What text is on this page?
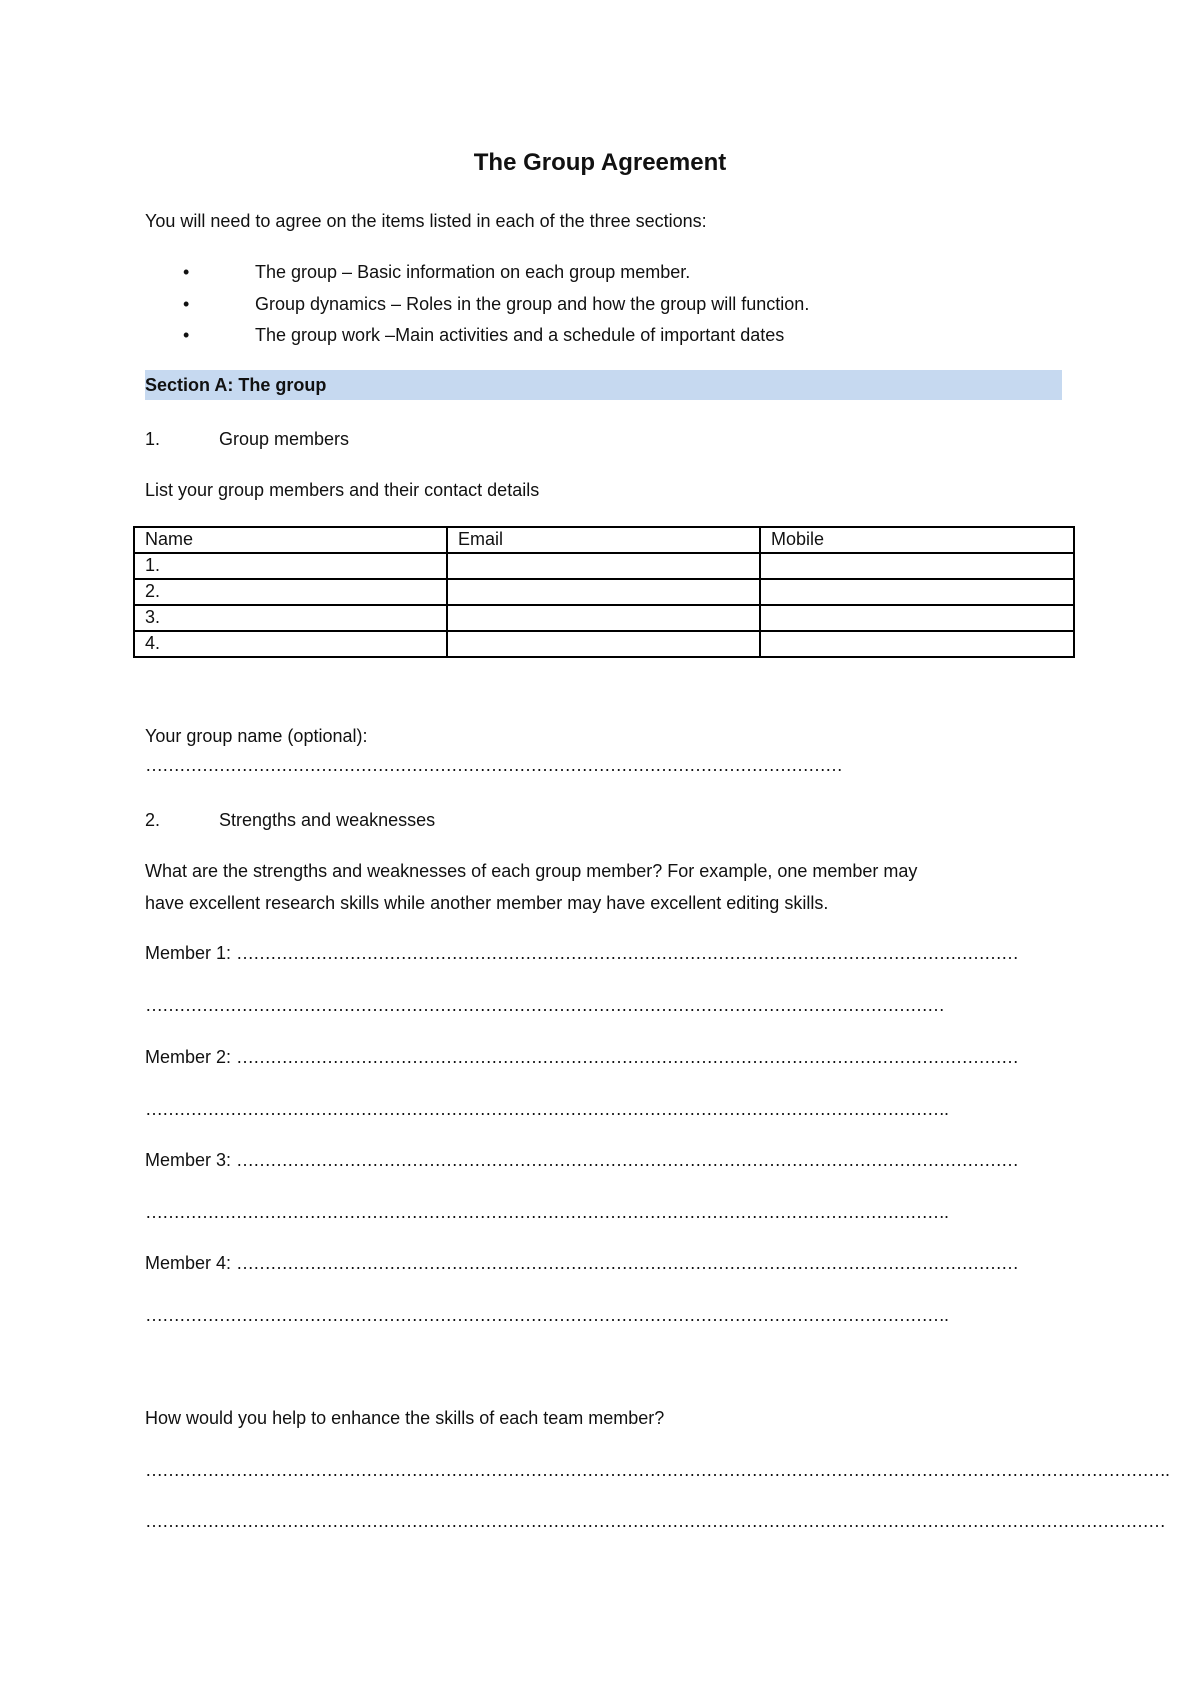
The Group Agreement
You will need to agree on the items listed in each of the three sections:
•	The group – Basic information on each group member.
•	Group dynamics – Roles in the group and how the group will function.
•	The group work –Main activities and a schedule of important dates
Section A: The group
1.	Group members
List your group members and their contact details
Name	Email	Mobile
1.		
2.		
3.		
4.		
Your group name (optional):
……………………………………………………………………………………………………………
2.	Strengths and weaknesses
What are the strengths and weaknesses of each group member? For example, one member may
have excellent research skills while another member may have excellent editing skills.
Member 1: …………………………………………………………………………………………………………………………
……………………………………………………………………………………………………………………………
Member 2: …………………………………………………………………………………………………………………………
…………………………………………………………………………………………………………………………….
Member 3: …………………………………………………………………………………………………………………………
…………………………………………………………………………………………………………………………….
Member 4: …………………………………………………………………………………………………………………………
…………………………………………………………………………………………………………………………….
How would you help to enhance the skills of each team member?
……………………………………………………………………………………………………………………………………………………………….
………………………………………………………………………………………………………………………………………………………………
